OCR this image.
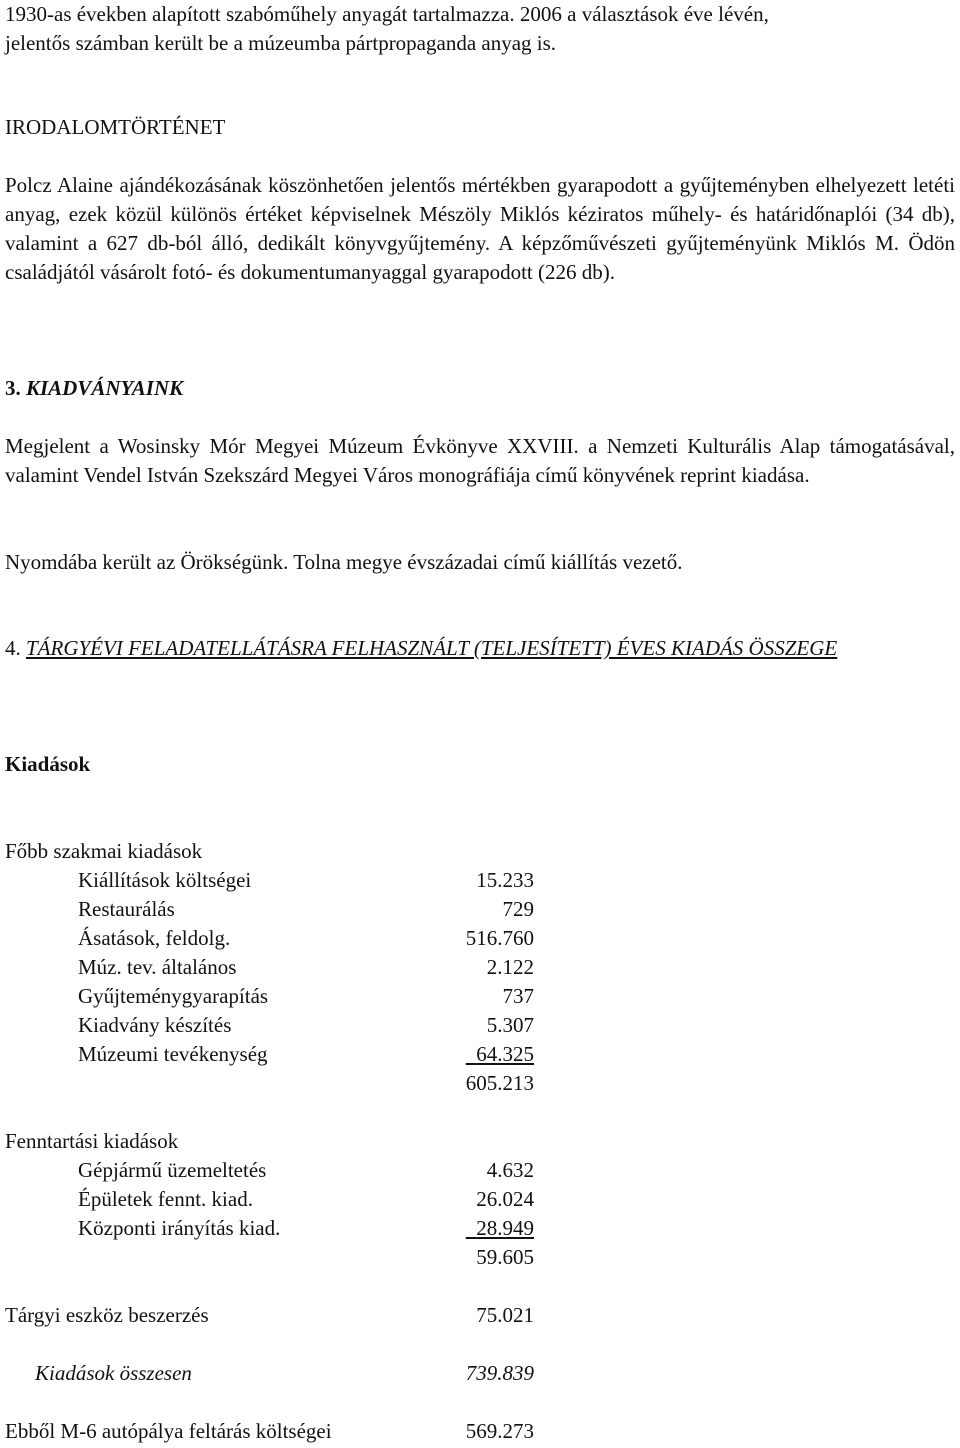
1930-as években alapított szabóműhely anyagát tartalmazza. 2006 a választások éve lévén,

jelentős számban került be a múzeumba pártpropaganda anyag is.

IRODALOMTÖRTÉNET

Polcz Alaine ajándékozásának köszönhetően jelentős mértékben gyarapodott a gyűjteményben elhelyezett letéti anyag, ezek közül különös értéket képviselnek Mészöly Miklós kéziratos műhely- és határidőnaplói (34 db), valamint a 627 db-ból álló, dedikált könyvgyűjtemény. A képzőművészeti gyűjteményünk Miklós M. Ödön családjától vásárolt fotó- és dokumentumanyaggal gyarapodott (226 db).

3. KIADVÁNYAINK

Megjelent a Wosinsky Mór Megyei Múzeum Évkönyve XXVIII. a Nemzeti Kulturális Alap támogatásával, valamint Vendel István Szekszárd Megyei Város monográfiája című könyvének reprint kiadása.

Nyomdába került az Örökségünk. Tolna megye évszázadai című kiállítás vezető.

4. TÁRGYÉVI FELADATELLÁTÁSRA FELHASZNÁLT (TELJESÍTETT) ÉVES KIADÁS ÖSSZEGE

Kiadások

Főbb szakmai kiadások
Kiállítások költségei	15.233
Restaurálás	729
Ásatások, feldolg.	516.760
Múz. tev. általános	2.122
Gyűjteménygyarapítás	737
Kiadvány készítés	5.307
Múzeumi tevékenység	64.325
605.213
Fenntartási kiadások
Gépjármű üzemeltetés	4.632
Épületek fennt. kiad.	26.024
Központi irányítás kiad.	28.949
59.605
Tárgyi eszköz beszerzés	75.021
Kiadások összesen	739.839
Ebből M-6 autópálya feltárás költségei	569.273
